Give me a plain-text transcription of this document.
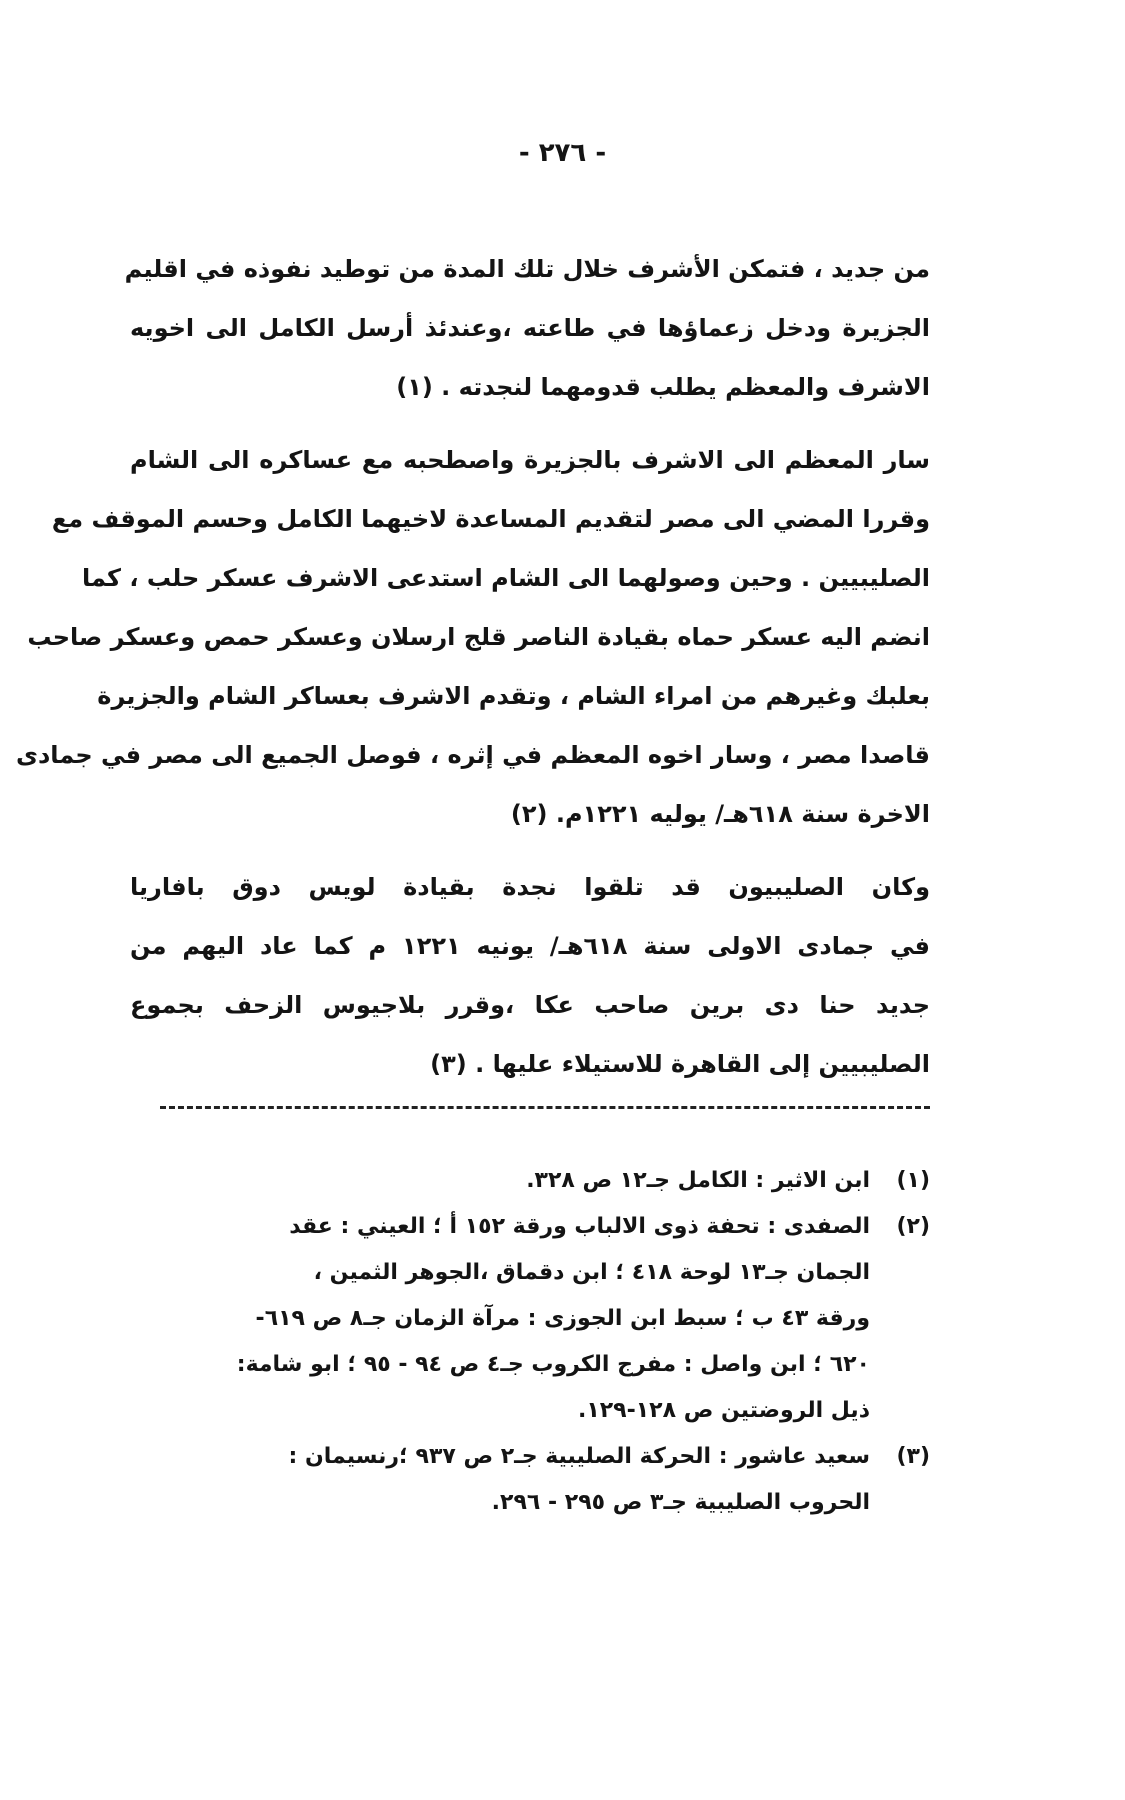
- ٢٧٦ -
من جديد ، فتمكن الأشرف خلال تلك المدة من توطيد نفوذه في اقليم
الجزيرة ودخل زعماؤها في طاعته ،وعندئذ أرسل الكامل الى اخويه
الاشرف والمعظم يطلب قدومهما لنجدته . (١)
سار المعظم الى الاشرف بالجزيرة واصطحبه مع عساكره الى الشام
وقررا المضي الى مصر لتقديم المساعدة لاخيهما الكامل وحسم الموقف مع
الصليبيين . وحين وصولهما الى الشام استدعى الاشرف عسكر حلب ، كما
انضم اليه عسكر حماه بقيادة الناصر قلج ارسلان وعسكر حمص وعسكر صاحب
بعلبك وغيرهم من امراء الشام ، وتقدم الاشرف بعساكر الشام والجزيرة
قاصدا مصر ، وسار اخوه المعظم في إثره ، فوصل الجميع الى مصر في جمادى
الاخرة سنة ٦١٨هـ/ يوليه ١٢٢١م. (٢)
وكان الصليبيون قد تلقوا نجدة بقيادة لويس دوق بافاريا
في جمادى الاولى سنة ٦١٨هـ/ يونيه ١٢٢١ م كما عاد اليهم من
جديد حنا دى برين صاحب عكا ،وقرر بلاجيوس الزحف بجموع
الصليبيين إلى القاهرة للاستيلاء عليها . (٣)
(١)
ابن الاثير : الكامل جـ١٢ ص ٣٢٨.
(٢)
الصفدى : تحفة ذوى الالباب ورقة ١٥٢ أ ؛ العيني : عقد
الجمان جـ١٣ لوحة ٤١٨ ؛ ابن دقماق ،الجوهر الثمين ،
ورقة ٤٣ ب ؛ سبط ابن الجوزى : مرآة الزمان جـ٨ ص ٦١٩-
٦٢٠ ؛ ابن واصل : مفرج الكروب جـ٤ ص ٩٤ - ٩٥ ؛ ابو شامة:
ذيل الروضتين ص ١٢٨-١٢٩.
(٣)
سعيد عاشور : الحركة الصليبية جـ٢ ص ٩٣٧ ؛رنسيمان :
الحروب الصليبية جـ٣ ص ٢٩٥ - ٢٩٦.
